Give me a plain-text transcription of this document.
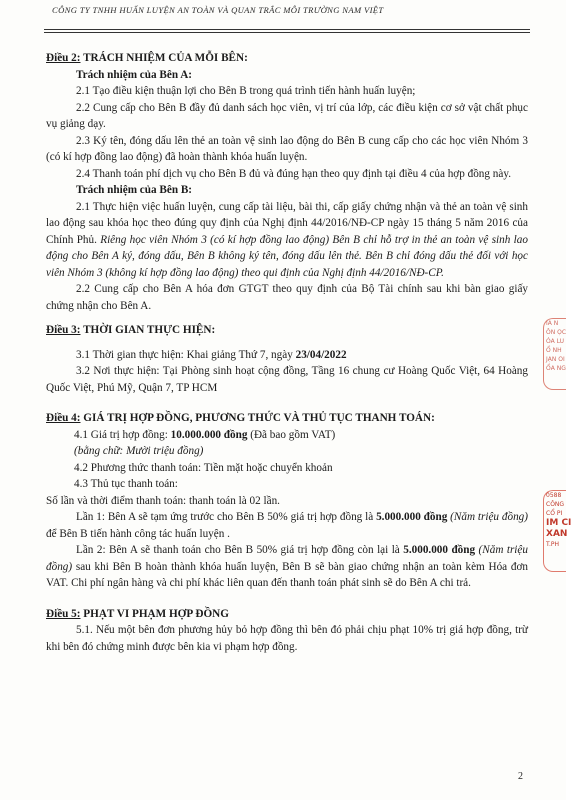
CÔNG TY TNHH HUẤN LUYỆN AN TOÀN VÀ QUAN TRẮC MÔI TRƯỜNG NAM VIỆT

Điều 2: TRÁCH NHIỆM CỦA MỖI BÊN:

Trách nhiệm của Bên A:

2.1 Tạo điều kiện thuận lợi cho Bên B trong quá trình tiến hành huấn luyện;

2.2 Cung cấp cho Bên B đầy đủ danh sách học viên, vị trí của lớp, các điều kiện cơ sở vật chất phục vụ giảng dạy.

2.3 Ký tên, đóng dấu lên thẻ an toàn vệ sinh lao động do Bên B cung cấp cho các học viên Nhóm 3 (có kí hợp đồng lao động) đã hoàn thành khóa huấn luyện.

2.4 Thanh toán phí dịch vụ cho Bên B đủ và đúng hạn theo quy định tại điều 4 của hợp đồng này.

Trách nhiệm của Bên B:

2.1 Thực hiện việc huấn luyện, cung cấp tài liệu, bài thi, cấp giấy chứng nhận và thẻ an toàn vệ sinh lao động sau khóa học theo đúng quy định của Nghị định 44/2016/NĐ-CP ngày 15 tháng 5 năm 2016 của Chính Phủ. Riêng học viên Nhóm 3 (có kí hợp đồng lao động) Bên B chỉ hỗ trợ in thẻ an toàn vệ sinh lao động cho Bên A ký, đóng dấu, Bên B không ký tên, đóng dấu lên thẻ. Bên B chỉ đóng dấu thẻ đối với học viên Nhóm 3 (không kí hợp đồng lao động) theo qui định của Nghị định 44/2016/NĐ-CP.

2.2 Cung cấp cho Bên A hóa đơn GTGT theo quy định của Bộ Tài chính sau khi bàn giao giấy chứng nhận cho Bên A.

Điều 3: THỜI GIAN THỰC HIỆN:

3.1 Thời gian thực hiện: Khai giảng Thứ 7, ngày 23/04/2022

3.2 Nơi thực hiện: Tại Phòng sinh hoạt cộng đồng, Tầng 16 chung cư Hoàng Quốc Việt, 64 Hoàng Quốc Việt, Phú Mỹ, Quận 7, TP HCM

Điều 4: GIÁ TRỊ HỢP ĐỒNG, PHƯƠNG THỨC VÀ THỦ TỤC THANH TOÁN:

4.1 Giá trị hợp đồng: 10.000.000 đồng (Đã bao gồm VAT)

(bằng chữ: Mười triệu đồng)

4.2 Phương thức thanh toán: Tiền mặt hoặc chuyển khoản

4.3 Thủ tục thanh toán:

Số lần và thời điểm thanh toán: thanh toán là 02 lần.

Lần 1: Bên A sẽ tạm ứng trước cho Bên B 50% giá trị hợp đồng là 5.000.000 đồng (Năm triệu đồng) để Bên B tiến hành công tác huấn luyện .

Lần 2: Bên A sẽ thanh toán cho Bên B 50% giá trị hợp đồng còn lại là 5.000.000 đồng (Năm triệu đồng) sau khi Bên B hoàn thành khóa huấn luyện, Bên B sẽ bàn giao chứng nhận an toàn kèm Hóa đơn VAT. Chi phí ngân hàng và chi phí khác liên quan đến thanh toán phát sinh sẽ do Bên A chi trả.

Điều 5: PHẠT VI PHẠM HỢP ĐỒNG

5.1. Nếu một bên đơn phương hủy bỏ hợp đồng thì bên đó phải chịu phạt 10% trị giá hợp đồng, trừ khi bên đó chứng minh được bên kia vi phạm hợp đồng.

IA N
ÔN ỌC
ÓA LU
Ổ NH
JẠN OI
ỔA NG
0588
CÔNG
CỔ PI
IM CI
XAN
T.PH
2
